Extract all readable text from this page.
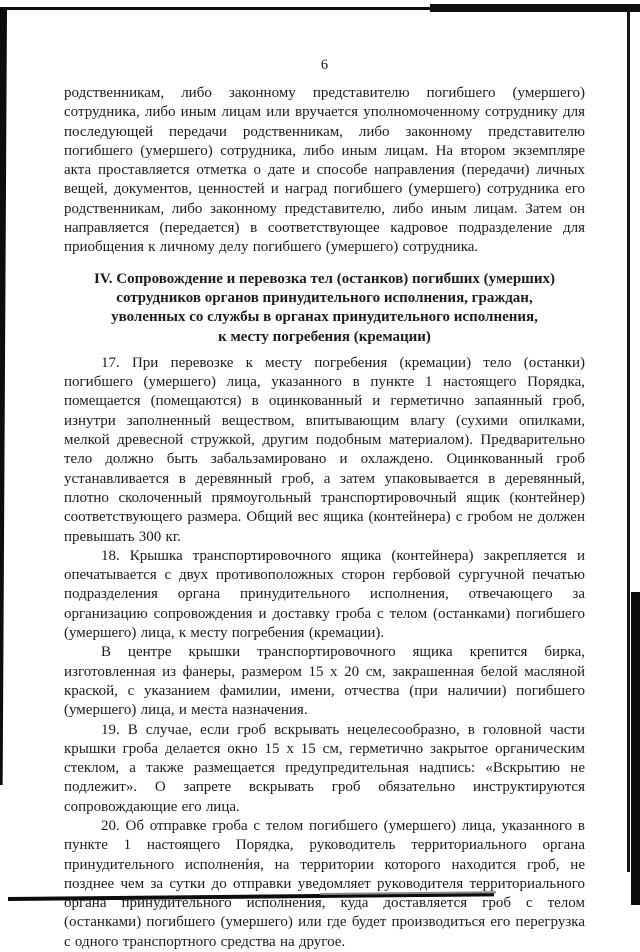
6

родственникам, либо законному представителю погибшего (умершего) сотрудника, либо иным лицам или вручается уполномоченному сотруднику для последующей передачи родственникам, либо законному представителю погибшего (умершего) сотрудника, либо иным лицам. На втором экземпляре акта проставляется отметка о дате и способе направления (передачи) личных вещей, документов, ценностей и наград погибшего (умершего) сотрудника его родственникам, либо законному представителю, либо иным лицам. Затем он направляется (передается) в соответствующее кадровое подразделение для приобщения к личному делу погибшего (умершего) сотрудника.

IV. Сопровождение и перевозка тел (останков) погибших (умерших)
сотрудников органов принудительного исполнения, граждан,
уволенных со службы в органах принудительного исполнения,
к месту погребения (кремации)

17. При перевозке к месту погребения (кремации) тело (останки) погибшего (умершего) лица, указанного в пункте 1 настоящего Порядка, помещается (помещаются) в оцинкованный и герметично запаянный гроб, изнутри заполненный веществом, впитывающим влагу (сухими опилками, мелкой древесной стружкой, другим подобным материалом). Предварительно тело должно быть забальзамировано и охлаждено. Оцинкованный гроб устанавливается в деревянный гроб, а затем упаковывается в деревянный, плотно сколоченный прямоугольный транспортировочный ящик (контейнер) соответствующего размера. Общий вес ящика (контейнера) с гробом не должен превышать 300 кг.

18. Крышка транспортировочного ящика (контейнера) закрепляется и опечатывается с двух противоположных сторон гербовой сургучной печатью подразделения органа принудительного исполнения, отвечающего за организацию сопровождения и доставку гроба с телом (останками) погибшего (умершего) лица, к месту погребения (кремации).

В центре крышки транспортировочного ящика крепится бирка, изготовленная из фанеры, размером 15 х 20 см, закрашенная белой масляной краской, с указанием фамилии, имени, отчества (при наличии) погибшего (умершего) лица, и места назначения.

19. В случае, если гроб вскрывать нецелесообразно, в головной части крышки гроба делается окно 15 х 15 см, герметично закрытое органическим стеклом, а также размещается предупредительная надпись: «Вскрытию не подлежит». О запрете вскрывать гроб обязательно инструктируются сопровождающие его лица.

20. Об отправке гроба с телом погибшего (умершего) лица, указанного в пункте 1 настоящего Порядка, руководитель территориального органа принудительного исполнения, на территории которого находится гроб, не позднее чем за сутки до отправки уведомляет руководителя территориального органа принудительного исполнения, куда доставляется гроб с телом (останками) погибшего (умершего) или где будет производиться его перегрузка с одного транспортного средства на другое.
